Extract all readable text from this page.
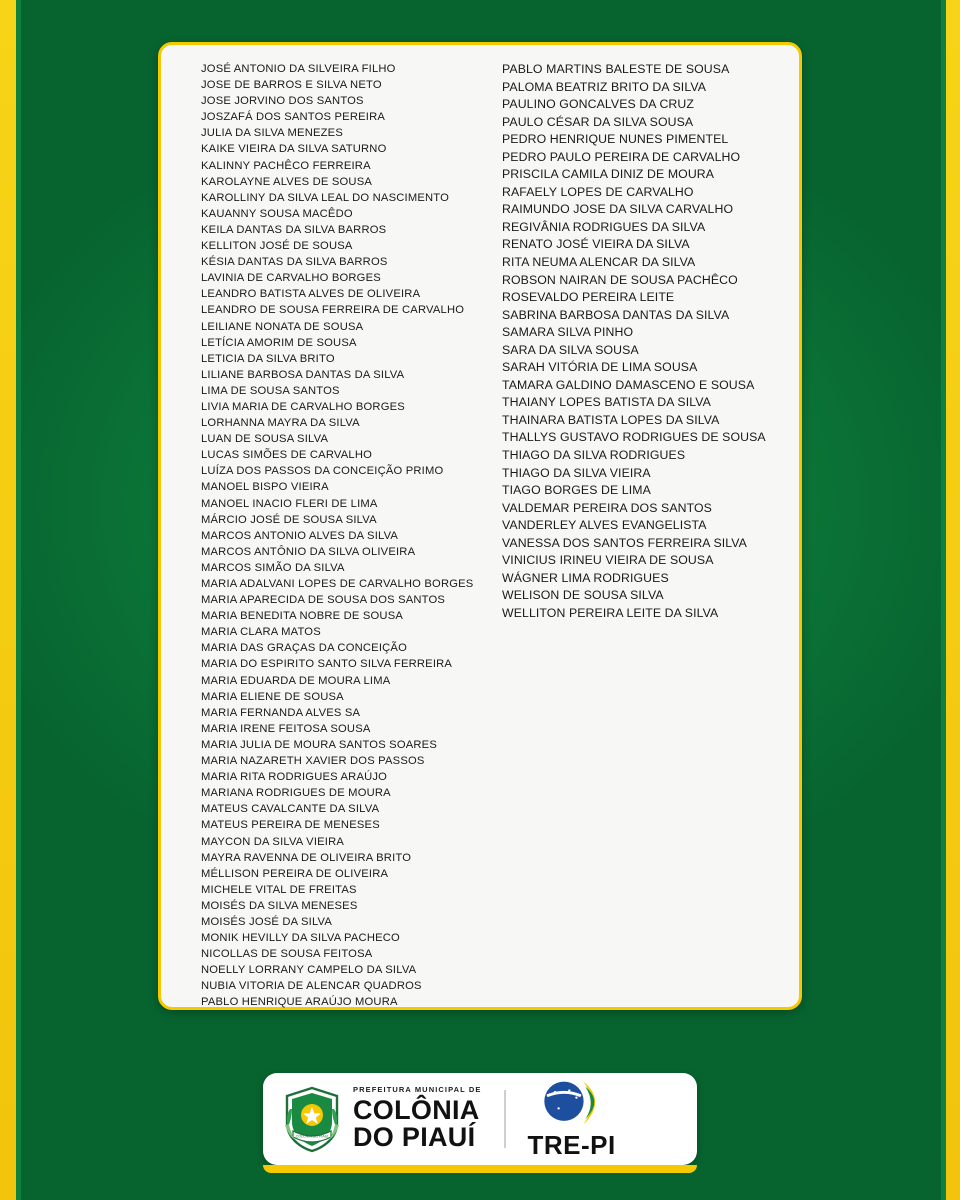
JOSÉ ANTONIO DA SILVEIRA FILHO
JOSE DE BARROS E SILVA NETO
JOSE JORVINO DOS SANTOS
JOSZAFÁ DOS SANTOS PEREIRA
JULIA DA SILVA MENEZES
KAIKE VIEIRA DA SILVA SATURNO
KALINNY PACHÊCO FERREIRA
KAROLAYNE ALVES DE SOUSA
KAROLLINY DA SILVA LEAL DO NASCIMENTO
KAUANNY SOUSA MACÊDO
KEILA DANTAS DA SILVA BARROS
KELLITON JOSÉ DE SOUSA
KÉSIA DANTAS DA SILVA BARROS
LAVINIA DE CARVALHO BORGES
LEANDRO BATISTA ALVES DE OLIVEIRA
LEANDRO DE SOUSA FERREIRA DE CARVALHO
LEILIANE NONATA DE SOUSA
LETÍCIA AMORIM DE SOUSA
LETICIA DA SILVA BRITO
LILIANE BARBOSA DANTAS DA SILVA
LIMA DE SOUSA SANTOS
LIVIA MARIA DE CARVALHO BORGES
LORHANNA MAYRA DA SILVA
LUAN DE SOUSA SILVA
LUCAS SIMÕES DE CARVALHO
LUÍZA DOS PASSOS DA CONCEIÇÃO PRIMO
MANOEL BISPO VIEIRA
MANOEL INACIO FLERI DE LIMA
MÁRCIO JOSÉ DE SOUSA SILVA
MARCOS ANTONIO ALVES DA SILVA
MARCOS ANTÔNIO DA SILVA OLIVEIRA
MARCOS SIMÃO DA SILVA
MARIA ADALVANI LOPES DE CARVALHO BORGES
MARIA APARECIDA DE SOUSA DOS SANTOS
MARIA BENEDITA NOBRE DE SOUSA
MARIA CLARA MATOS
MARIA DAS GRAÇAS DA CONCEIÇÃO
MARIA DO ESPIRITO SANTO SILVA FERREIRA
MARIA EDUARDA DE MOURA LIMA
MARIA ELIENE DE SOUSA
MARIA FERNANDA ALVES SA
MARIA IRENE FEITOSA SOUSA
MARIA JULIA DE MOURA SANTOS SOARES
MARIA NAZARETH XAVIER DOS PASSOS
MARIA RITA RODRIGUES ARAÚJO
MARIANA RODRIGUES DE MOURA
MATEUS CAVALCANTE DA SILVA
MATEUS PEREIRA DE MENESES
MAYCON DA SILVA VIEIRA
MAYRA RAVENNA DE OLIVEIRA BRITO
MÉLLISON PEREIRA DE OLIVEIRA
MICHELE VITAL DE FREITAS
MOISÉS DA SILVA MENESES
MOISÉS JOSÉ DA SILVA
MONIK HEVILLY DA SILVA PACHECO
NICOLLAS DE SOUSA FEITOSA
NOELLY LORRANY CAMPELO DA SILVA
NUBIA VITORIA DE ALENCAR QUADROS
PABLO HENRIQUE ARAÚJO MOURA
PABLO MARTINS BALESTE DE SOUSA
PALOMA BEATRIZ BRITO DA SILVA
PAULINO GONCALVES DA CRUZ
PAULO CÉSAR DA SILVA SOUSA
PEDRO HENRIQUE NUNES PIMENTEL
PEDRO PAULO PEREIRA DE CARVALHO
PRISCILA CAMILA DINIZ DE MOURA
RAFAELY LOPES DE CARVALHO
RAIMUNDO JOSE DA SILVA CARVALHO
REGIVÂNIA RODRIGUES DA SILVA
RENATO JOSÉ VIEIRA DA SILVA
RITA NEUMA ALENCAR DA SILVA
ROBSON NAIRAN DE SOUSA PACHÊCO
ROSEVALDO PEREIRA LEITE
SABRINA BARBOSA DANTAS DA SILVA
SAMARA SILVA PINHO
SARA DA SILVA SOUSA
SARAH VITÓRIA DE LIMA SOUSA
TAMARA GALDINO DAMASCENO E SOUSA
THAIANY LOPES BATISTA DA SILVA
THAINARA BATISTA LOPES DA SILVA
THALLYS GUSTAVO RODRIGUES DE SOUSA
THIAGO DA SILVA RODRIGUES
THIAGO DA SILVA VIEIRA
TIAGO BORGES DE LIMA
VALDEMAR PEREIRA DOS SANTOS
VANDERLEY ALVES EVANGELISTA
VANESSA DOS SANTOS FERREIRA SILVA
VINICIUS IRINEU VIEIRA DE SOUSA
WÁGNER LIMA RODRIGUES
WELISON DE SOUSA SILVA
WELLITON PEREIRA LEITE DA SILVA
COLÔNIA DO PIAUÍ
PREFEITURA MUNICIPAL DE
COLÔNIA
DO PIAUÍ TRE-PI
